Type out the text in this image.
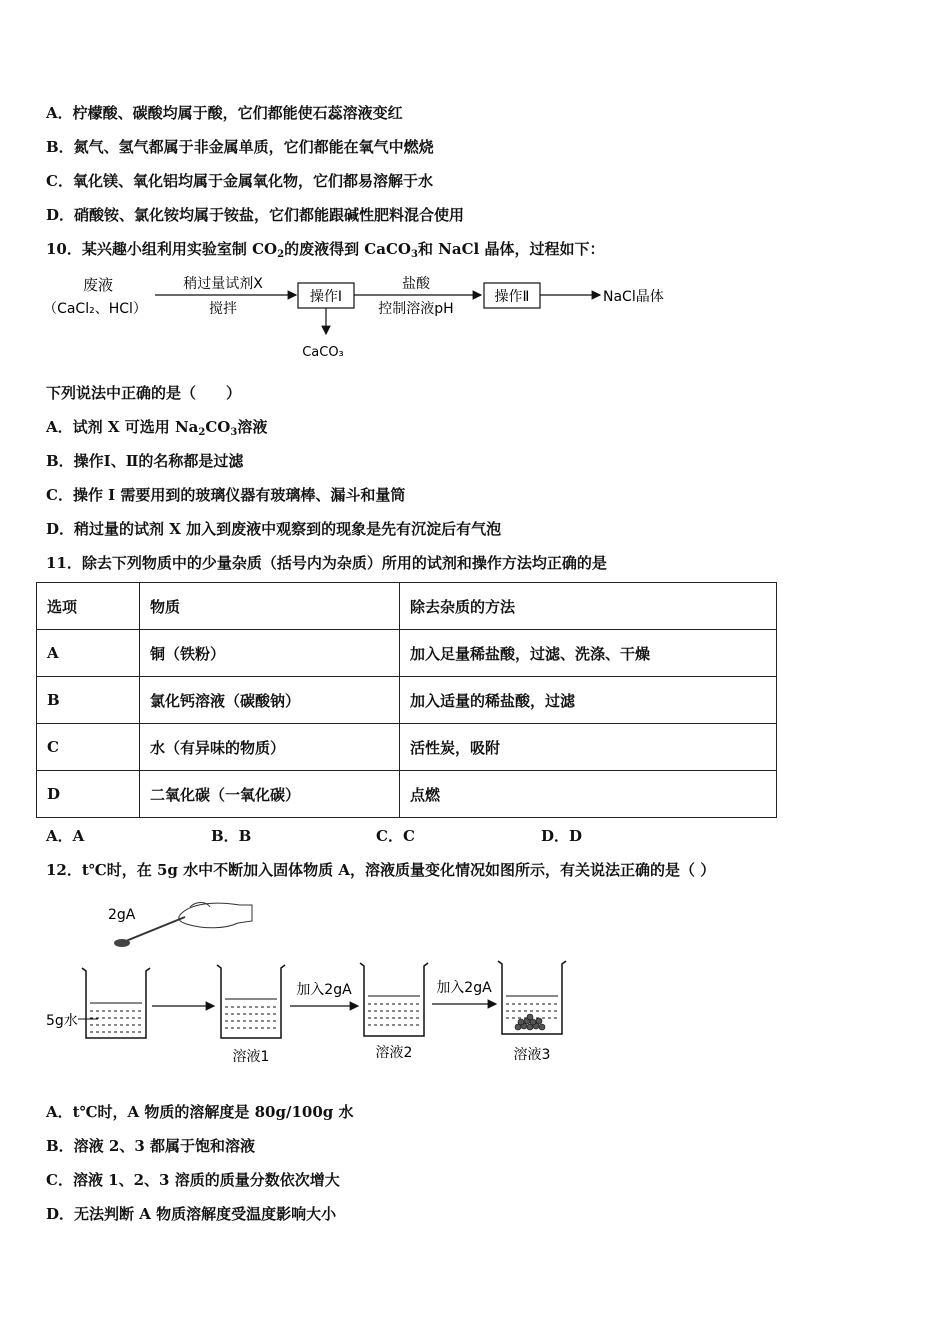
A．柠檬酸、碳酸均属于酸，它们都能使石蕊溶液变红
B．氮气、氢气都属于非金属单质，它们都能在氧气中燃烧
C．氧化镁、氧化铝均属于金属氧化物，它们都易溶解于水
D．硝酸铵、氯化铵均属于铵盐，它们都能跟碱性肥料混合使用
10．某兴趣小组利用实验室制 $CO_2$的废液得到 CaCO$_3$和 NaCl 晶体，过程如下：
废液
（CaCl₂、HCl）
稍过量试剂X
搅拌
操作Ⅰ
CaCO₃
盐酸
控制溶液pH
操作Ⅱ	NaCl晶体
下列说法中正确的是（　　）
A．试剂 X 可选用 $Na_2CO_3$溶液
B．操作Ⅰ、Ⅱ的名称都是过滤
C．操作 I 需要用到的玻璃仪器有玻璃棒、漏斗和量筒
D．稍过量的试剂 X 加入到废液中观察到的现象是先有沉淀后有气泡
11．除去下列物质中的少量杂质（括号内为杂质）所用的试剂和操作方法均正确的是
选项	物质	除去杂质的方法
A	铜（铁粉）	加入足量稀盐酸，过滤、洗涤、干燥
B	氯化钙溶液（碳酸钠）	加入适量的稀盐酸，过滤
C	水（有异味的物质）	活性炭，吸附
D	二氧化碳（一氧化碳）	点燃
A．A	B．B	C．C	D．D
12．t℃时，在 5g 水中不断加入固体物质 A，溶液质量变化情况如图所示，有关说法正确的是（ ）
2gA
5g水
溶液1
加入2gA
溶液2
加入2gA
溶液3
A．t℃时，A 物质的溶解度是 80g/100g 水
B．溶液 2、3 都属于饱和溶液
C．溶液 1、2、3 溶质的质量分数依次增大
D．无法判断 A 物质溶解度受温度影响大小
